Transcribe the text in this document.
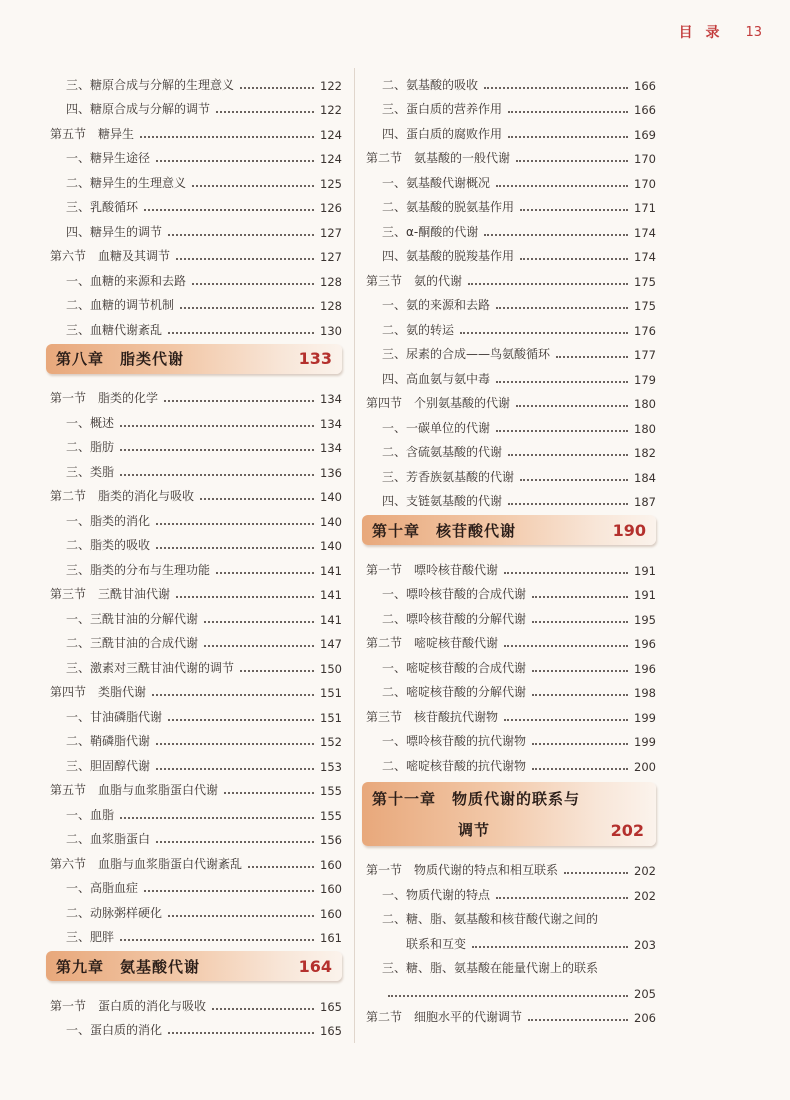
目 录 13
三、糖原合成与分解的生理意义	122
四、糖原合成与分解的调节	122
第五节　糖异生	124
一、糖异生途径	124
二、糖异生的生理意义	125
三、乳酸循环	126
四、糖异生的调节	127
第六节　血糖及其调节	127
一、血糖的来源和去路	128
二、血糖的调节机制	128
三、血糖代谢紊乱	130
第八章　脂类代谢	133
第一节　脂类的化学	134
一、概述	134
二、脂肪	134
三、类脂	136
第二节　脂类的消化与吸收	140
一、脂类的消化	140
二、脂类的吸收	140
三、脂类的分布与生理功能	141
第三节　三酰甘油代谢	141
一、三酰甘油的分解代谢	141
二、三酰甘油的合成代谢	147
三、激素对三酰甘油代谢的调节	150
第四节　类脂代谢	151
一、甘油磷脂代谢	151
二、鞘磷脂代谢	152
三、胆固醇代谢	153
第五节　血脂与血浆脂蛋白代谢	155
一、血脂	155
二、血浆脂蛋白	156
第六节　血脂与血浆脂蛋白代谢紊乱	160
一、高脂血症	160
二、动脉粥样硬化	160
三、肥胖	161
第九章　氨基酸代谢	164
第一节　蛋白质的消化与吸收	165
一、蛋白质的消化	165
二、氨基酸的吸收	166
三、蛋白质的营养作用	166
四、蛋白质的腐败作用	169
第二节　氨基酸的一般代谢	170
一、氨基酸代谢概况	170
二、氨基酸的脱氨基作用	171
三、α-酮酸的代谢	174
四、氨基酸的脱羧基作用	174
第三节　氨的代谢	175
一、氨的来源和去路	175
二、氨的转运	176
三、尿素的合成——鸟氨酸循环	177
四、高血氨与氨中毒	179
第四节　个别氨基酸的代谢	180
一、一碳单位的代谢	180
二、含硫氨基酸的代谢	182
三、芳香族氨基酸的代谢	184
四、支链氨基酸的代谢	187
第十章　核苷酸代谢	190
第一节　嘌呤核苷酸代谢	191
一、嘌呤核苷酸的合成代谢	191
二、嘌呤核苷酸的分解代谢	195
第二节　嘧啶核苷酸代谢	196
一、嘧啶核苷酸的合成代谢	196
二、嘧啶核苷酸的分解代谢	198
第三节　核苷酸抗代谢物	199
一、嘌呤核苷酸的抗代谢物	199
二、嘧啶核苷酸的抗代谢物	200
第十一章　物质代谢的联系与
调节	202
第一节　物质代谢的特点和相互联系	202
一、物质代谢的特点	202
二、糖、脂、氨基酸和核苷酸代谢之间的
　　联系和互变	203
三、糖、脂、氨基酸在能量代谢上的联系
205
第二节　细胞水平的代谢调节	206
